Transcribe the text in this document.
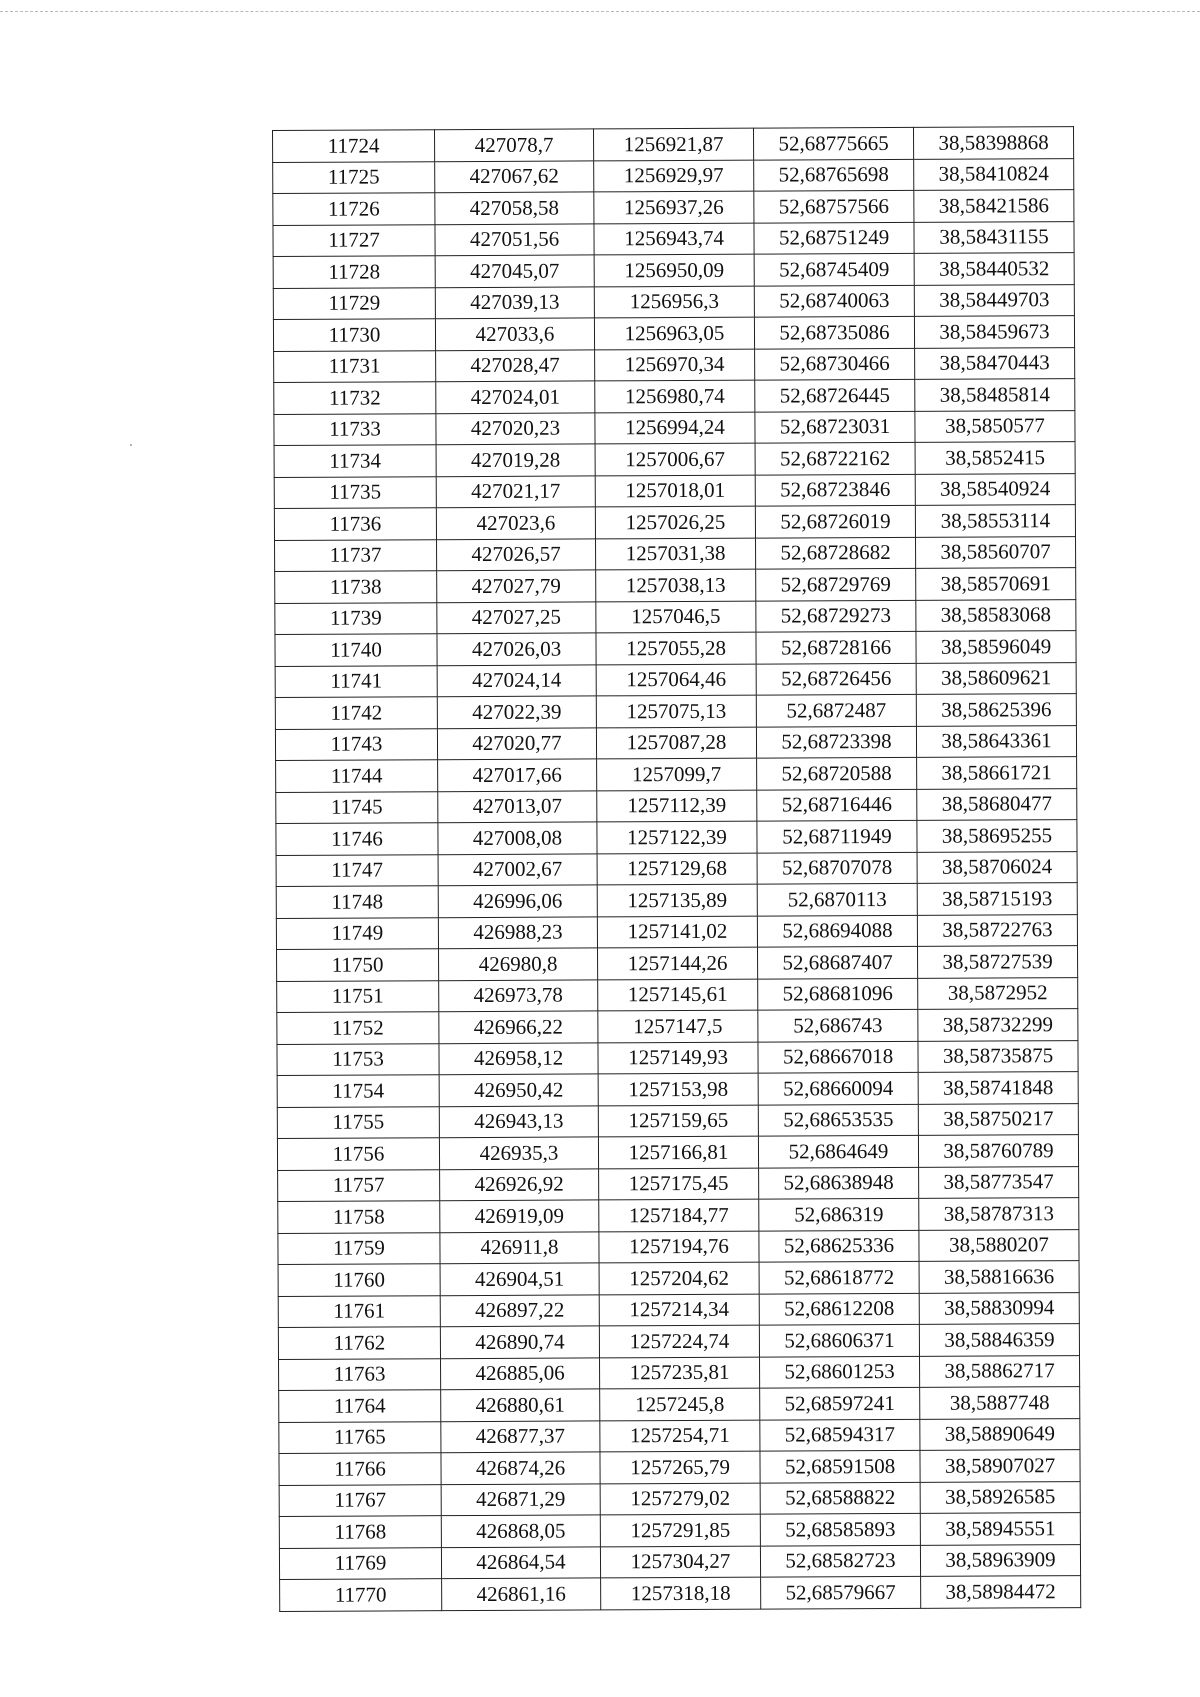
11724	427078,7	1256921,87	52,68775665	38,58398868
11725	427067,62	1256929,97	52,68765698	38,58410824
11726	427058,58	1256937,26	52,68757566	38,58421586
11727	427051,56	1256943,74	52,68751249	38,58431155
11728	427045,07	1256950,09	52,68745409	38,58440532
11729	427039,13	1256956,3	52,68740063	38,58449703
11730	427033,6	1256963,05	52,68735086	38,58459673
11731	427028,47	1256970,34	52,68730466	38,58470443
11732	427024,01	1256980,74	52,68726445	38,58485814
11733	427020,23	1256994,24	52,68723031	38,5850577
11734	427019,28	1257006,67	52,68722162	38,5852415
11735	427021,17	1257018,01	52,68723846	38,58540924
11736	427023,6	1257026,25	52,68726019	38,58553114
11737	427026,57	1257031,38	52,68728682	38,58560707
11738	427027,79	1257038,13	52,68729769	38,58570691
11739	427027,25	1257046,5	52,68729273	38,58583068
11740	427026,03	1257055,28	52,68728166	38,58596049
11741	427024,14	1257064,46	52,68726456	38,58609621
11742	427022,39	1257075,13	52,6872487	38,58625396
11743	427020,77	1257087,28	52,68723398	38,58643361
11744	427017,66	1257099,7	52,68720588	38,58661721
11745	427013,07	1257112,39	52,68716446	38,58680477
11746	427008,08	1257122,39	52,68711949	38,58695255
11747	427002,67	1257129,68	52,68707078	38,58706024
11748	426996,06	1257135,89	52,6870113	38,58715193
11749	426988,23	1257141,02	52,68694088	38,58722763
11750	426980,8	1257144,26	52,68687407	38,58727539
11751	426973,78	1257145,61	52,68681096	38,5872952
11752	426966,22	1257147,5	52,686743	38,58732299
11753	426958,12	1257149,93	52,68667018	38,58735875
11754	426950,42	1257153,98	52,68660094	38,58741848
11755	426943,13	1257159,65	52,68653535	38,58750217
11756	426935,3	1257166,81	52,6864649	38,58760789
11757	426926,92	1257175,45	52,68638948	38,58773547
11758	426919,09	1257184,77	52,686319	38,58787313
11759	426911,8	1257194,76	52,68625336	38,5880207
11760	426904,51	1257204,62	52,68618772	38,58816636
11761	426897,22	1257214,34	52,68612208	38,58830994
11762	426890,74	1257224,74	52,68606371	38,58846359
11763	426885,06	1257235,81	52,68601253	38,58862717
11764	426880,61	1257245,8	52,68597241	38,5887748
11765	426877,37	1257254,71	52,68594317	38,58890649
11766	426874,26	1257265,79	52,68591508	38,58907027
11767	426871,29	1257279,02	52,68588822	38,58926585
11768	426868,05	1257291,85	52,68585893	38,58945551
11769	426864,54	1257304,27	52,68582723	38,58963909
11770	426861,16	1257318,18	52,68579667	38,58984472
